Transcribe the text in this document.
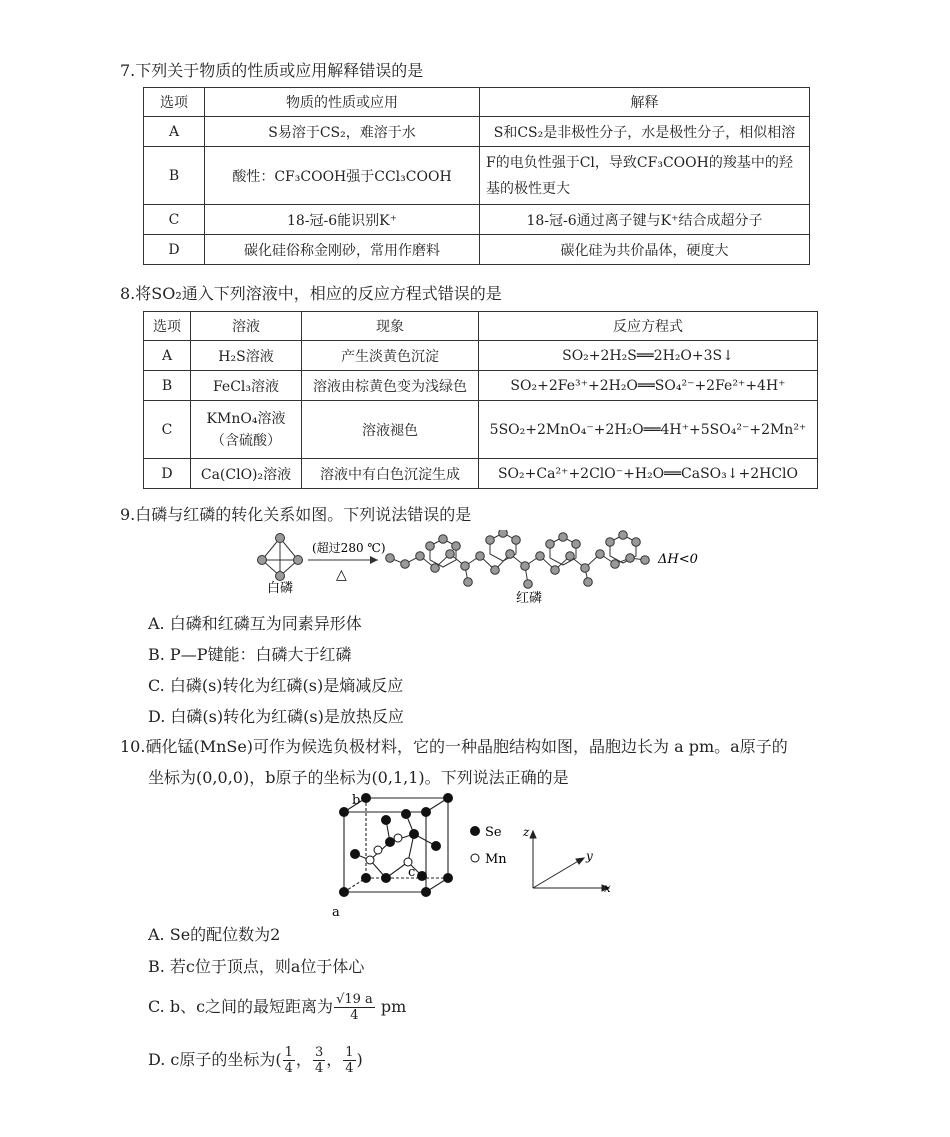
7.下列关于物质的性质或应用解释错误的是
选项	物质的性质或应用	解释
A	S易溶于CS₂，难溶于水	S和CS₂是非极性分子，水是极性分子，相似相溶
B	酸性：CF₃COOH强于CCl₃COOH	F的电负性强于Cl，导致CF₃COOH的羧基中的羟基的极性更大
C	18-冠-6能识别K⁺	18-冠-6通过离子键与K⁺结合成超分子
D	碳化硅俗称金刚砂，常用作磨料	碳化硅为共价晶体，硬度大
8.将SO₂通入下列溶液中，相应的反应方程式错误的是
选项	溶液	现象	反应方程式
A	H₂S溶液	产生淡黄色沉淀	SO₂+2H₂S══2H₂O+3S↓
B	FeCl₃溶液	溶液由棕黄色变为浅绿色	SO₂+2Fe³⁺+2H₂O══SO₄²⁻+2Fe²⁺+4H⁺
C	KMnO₄溶液
（含硫酸）	溶液褪色	5SO₂+2MnO₄⁻+2H₂O══4H⁺+5SO₄²⁻+2Mn²⁺
D	Ca(ClO)₂溶液	溶液中有白色沉淀生成	SO₂+Ca²⁺+2ClO⁻+H₂O══CaSO₃↓+2HClO
9.白磷与红磷的转化关系如图。下列说法错误的是
白磷
(超过280 ℃)
△
ΔH<0
红磷
A. 白磷和红磷互为同素异形体
B. P—P键能：白磷大于红磷
C. 白磷(s)转化为红磷(s)是熵减反应
D. 白磷(s)转化为红磷(s)是放热反应
10.硒化锰(MnSe)可作为候选负极材料，它的一种晶胞结构如图，晶胞边长为 a pm。a原子的
坐标为(0,0,0)，b原子的坐标为(0,1,1)。下列说法正确的是
Se
Mn
a
b
c
z
y
x
A. Se的配位数为2
B. 若c位于顶点，则a位于体心
C. b、c之间的最短距离为 $\frac{√19 a}{4}$ pm
D. c原子的坐标为( $\frac{1}{4}$ ， $\frac{3}{4}$ ， $\frac{1}{4}$ )
